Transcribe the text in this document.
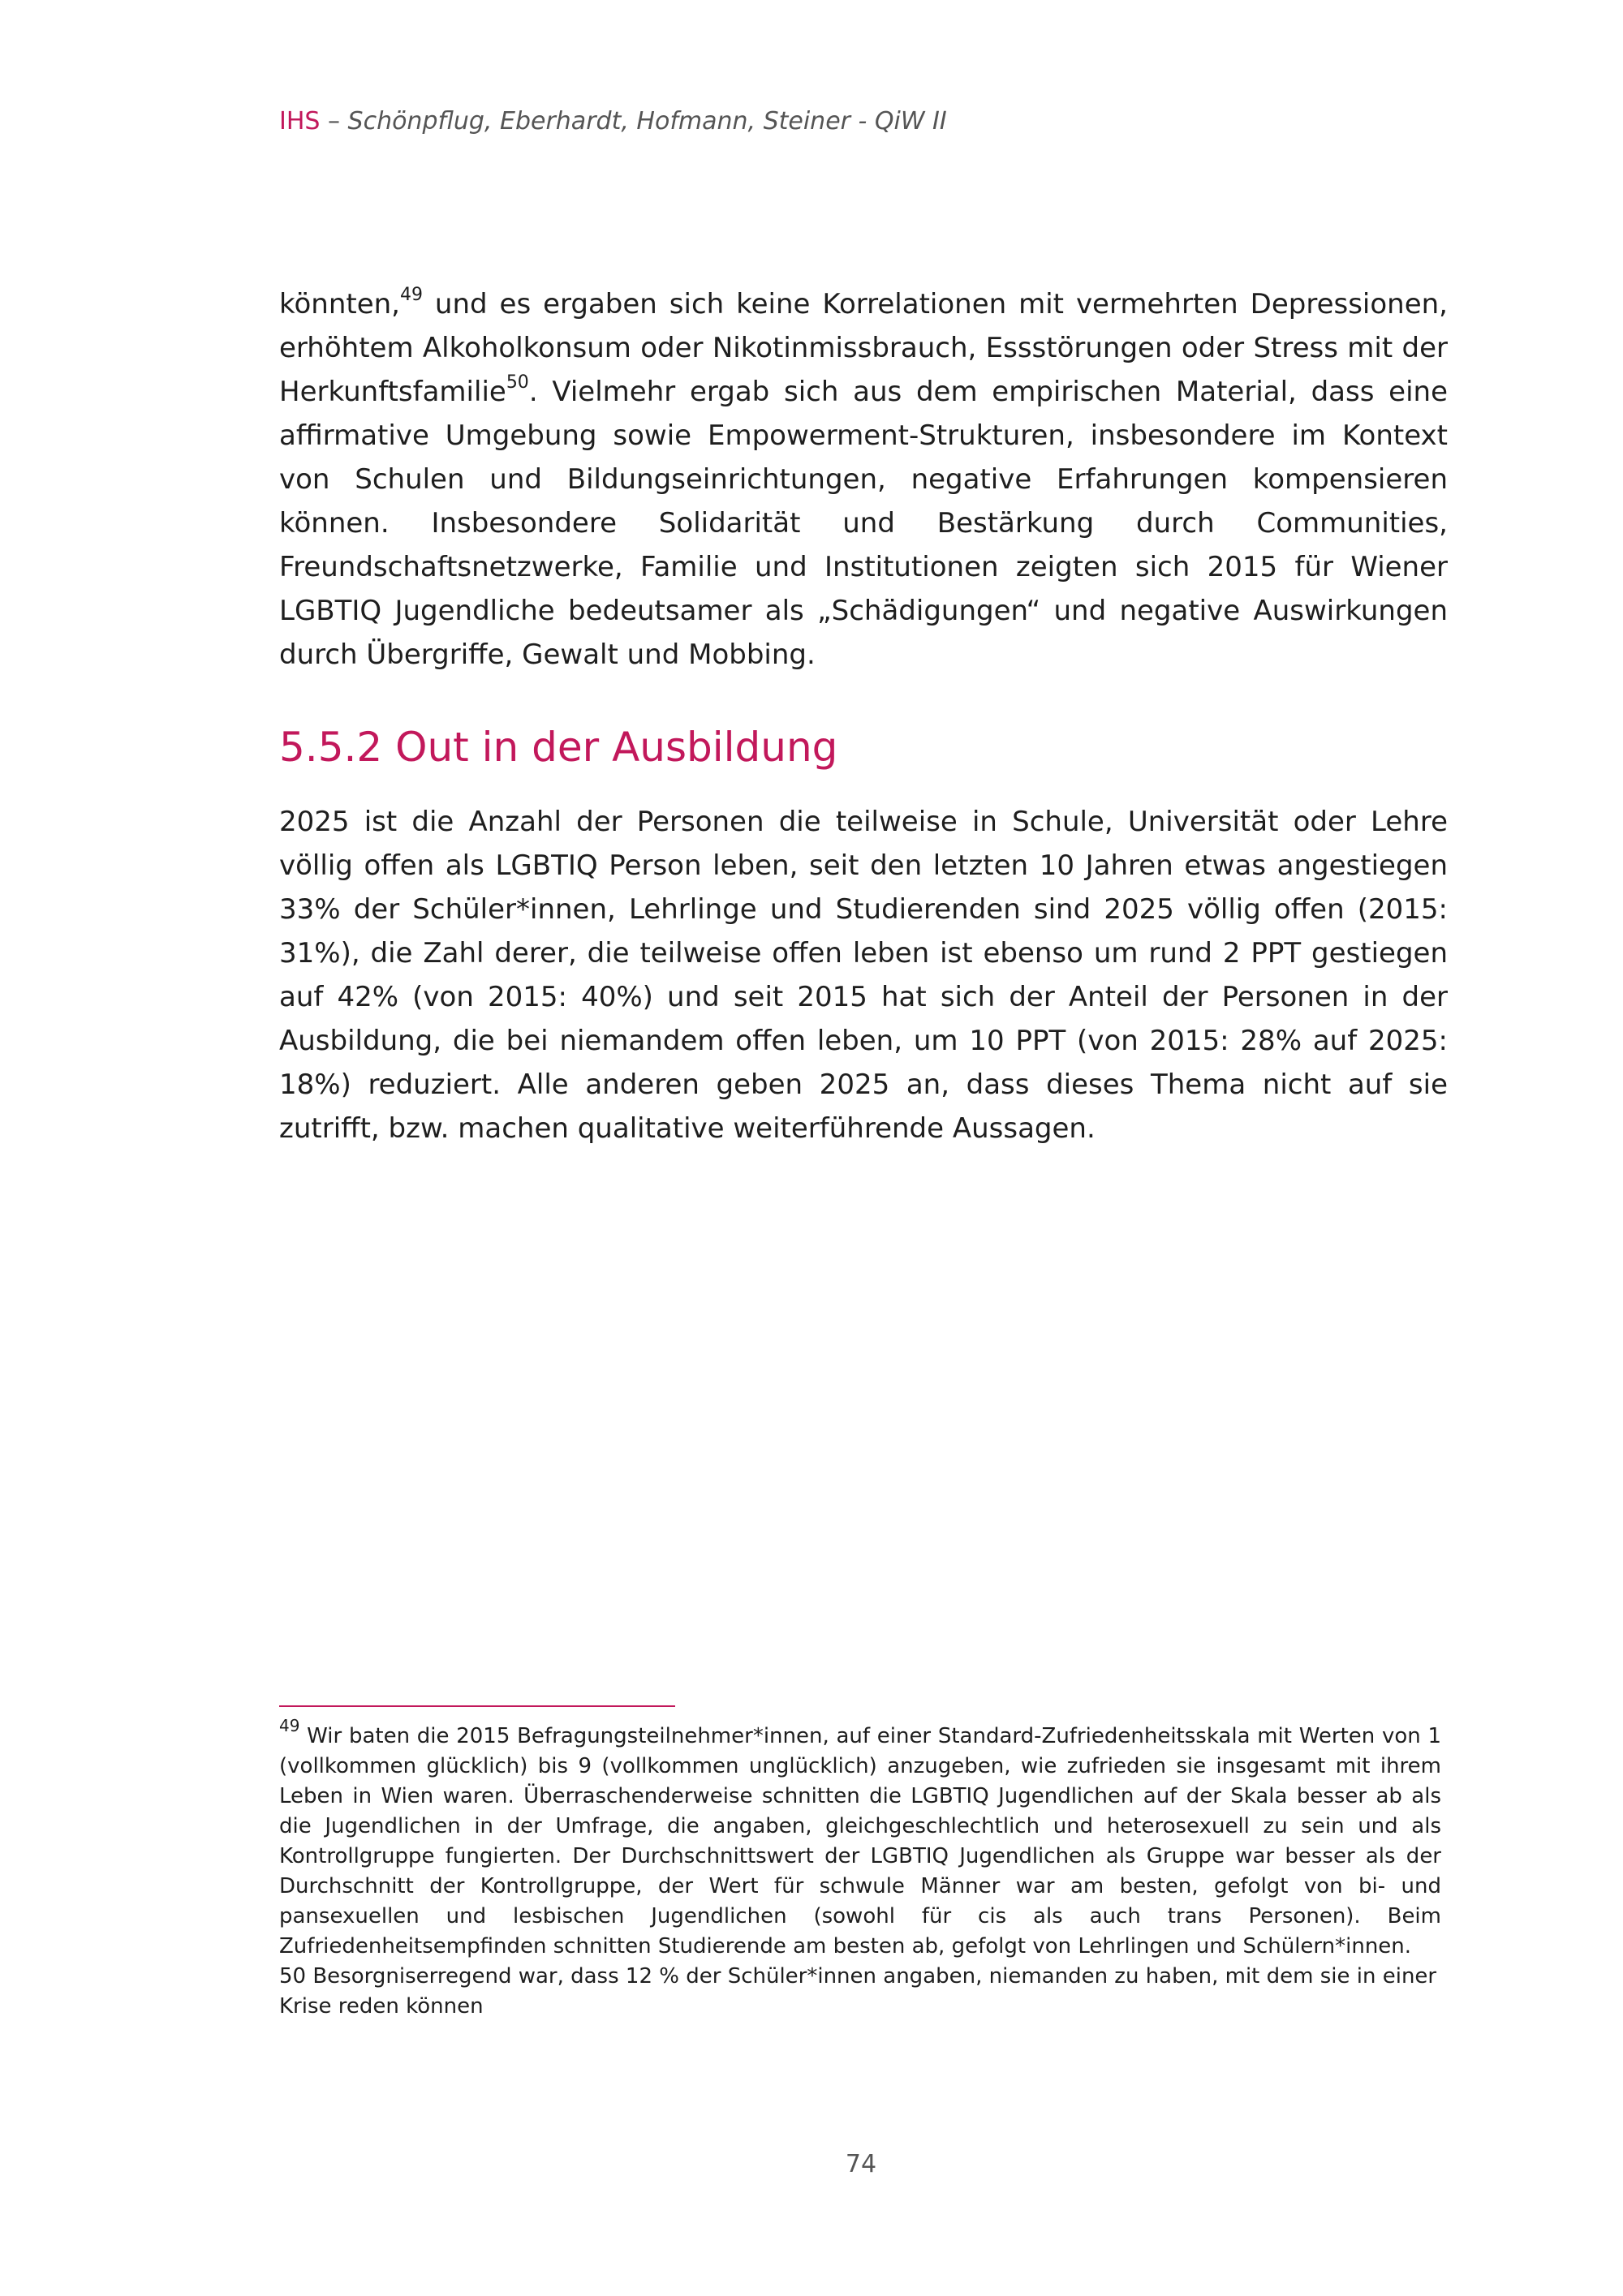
IHS – Schönpflug, Eberhardt, Hofmann, Steiner - QiW II

könnten,$^{49}$ und es ergaben sich keine Korrelationen mit vermehrten Depressionen, erhöhtem Alkoholkonsum oder Nikotinmissbrauch, Essstörungen oder Stress mit der Herkunftsfamilie$^{50}$. Vielmehr ergab sich aus dem empirischen Material, dass eine affirmative Umgebung sowie Empowerment-Strukturen, insbesondere im Kontext von Schulen und Bildungseinrichtungen, negative Erfahrungen kompensieren können. Insbesondere Solidarität und Bestärkung durch Communities, Freundschaftsnetzwerke, Familie und Institutionen zeigten sich 2015 für Wiener LGBTIQ Jugendliche bedeutsamer als „Schädigungen“ und negative Auswirkungen durch Übergriffe, Gewalt und Mobbing.

5.5.2 Out in der Ausbildung

2025 ist die Anzahl der Personen die teilweise in Schule, Universität oder Lehre völlig offen als LGBTIQ Person leben, seit den letzten 10 Jahren etwas angestiegen 33% der Schüler*innen, Lehrlinge und Studierenden sind 2025 völlig offen (2015: 31%), die Zahl derer, die teilweise offen leben ist ebenso um rund 2 PPT gestiegen auf 42% (von 2015: 40%) und seit 2015 hat sich der Anteil der Personen in der Ausbildung, die bei niemandem offen leben, um 10 PPT (von 2015: 28% auf 2025: 18%) reduziert. Alle anderen geben 2025 an, dass dieses Thema nicht auf sie zutrifft, bzw. machen qualitative weiterführende Aussagen.

$^{49}$ Wir baten die 2015 Befragungsteilnehmer*innen, auf einer Standard-Zufriedenheitsskala mit Werten von 1 (vollkommen glücklich) bis 9 (vollkommen unglücklich) anzugeben, wie zufrieden sie insgesamt mit ihrem Leben in Wien waren. Überraschenderweise schnitten die LGBTIQ Jugendlichen auf der Skala besser ab als die Jugendlichen in der Umfrage, die angaben, gleichgeschlechtlich und heterosexuell zu sein und als Kontrollgruppe fungierten. Der Durchschnittswert der LGBTIQ Jugendlichen als Gruppe war besser als der Durchschnitt der Kontrollgruppe, der Wert für schwule Männer war am besten, gefolgt von bi- und pansexuellen und lesbischen Jugendlichen (sowohl für cis als auch trans Personen). Beim Zufriedenheitsempfinden schnitten Studierende am besten ab, gefolgt von Lehrlingen und Schülern*innen.

50 Besorgniserregend war, dass 12 % der Schüler*innen angaben, niemanden zu haben, mit dem sie in einer Krise reden können

74
